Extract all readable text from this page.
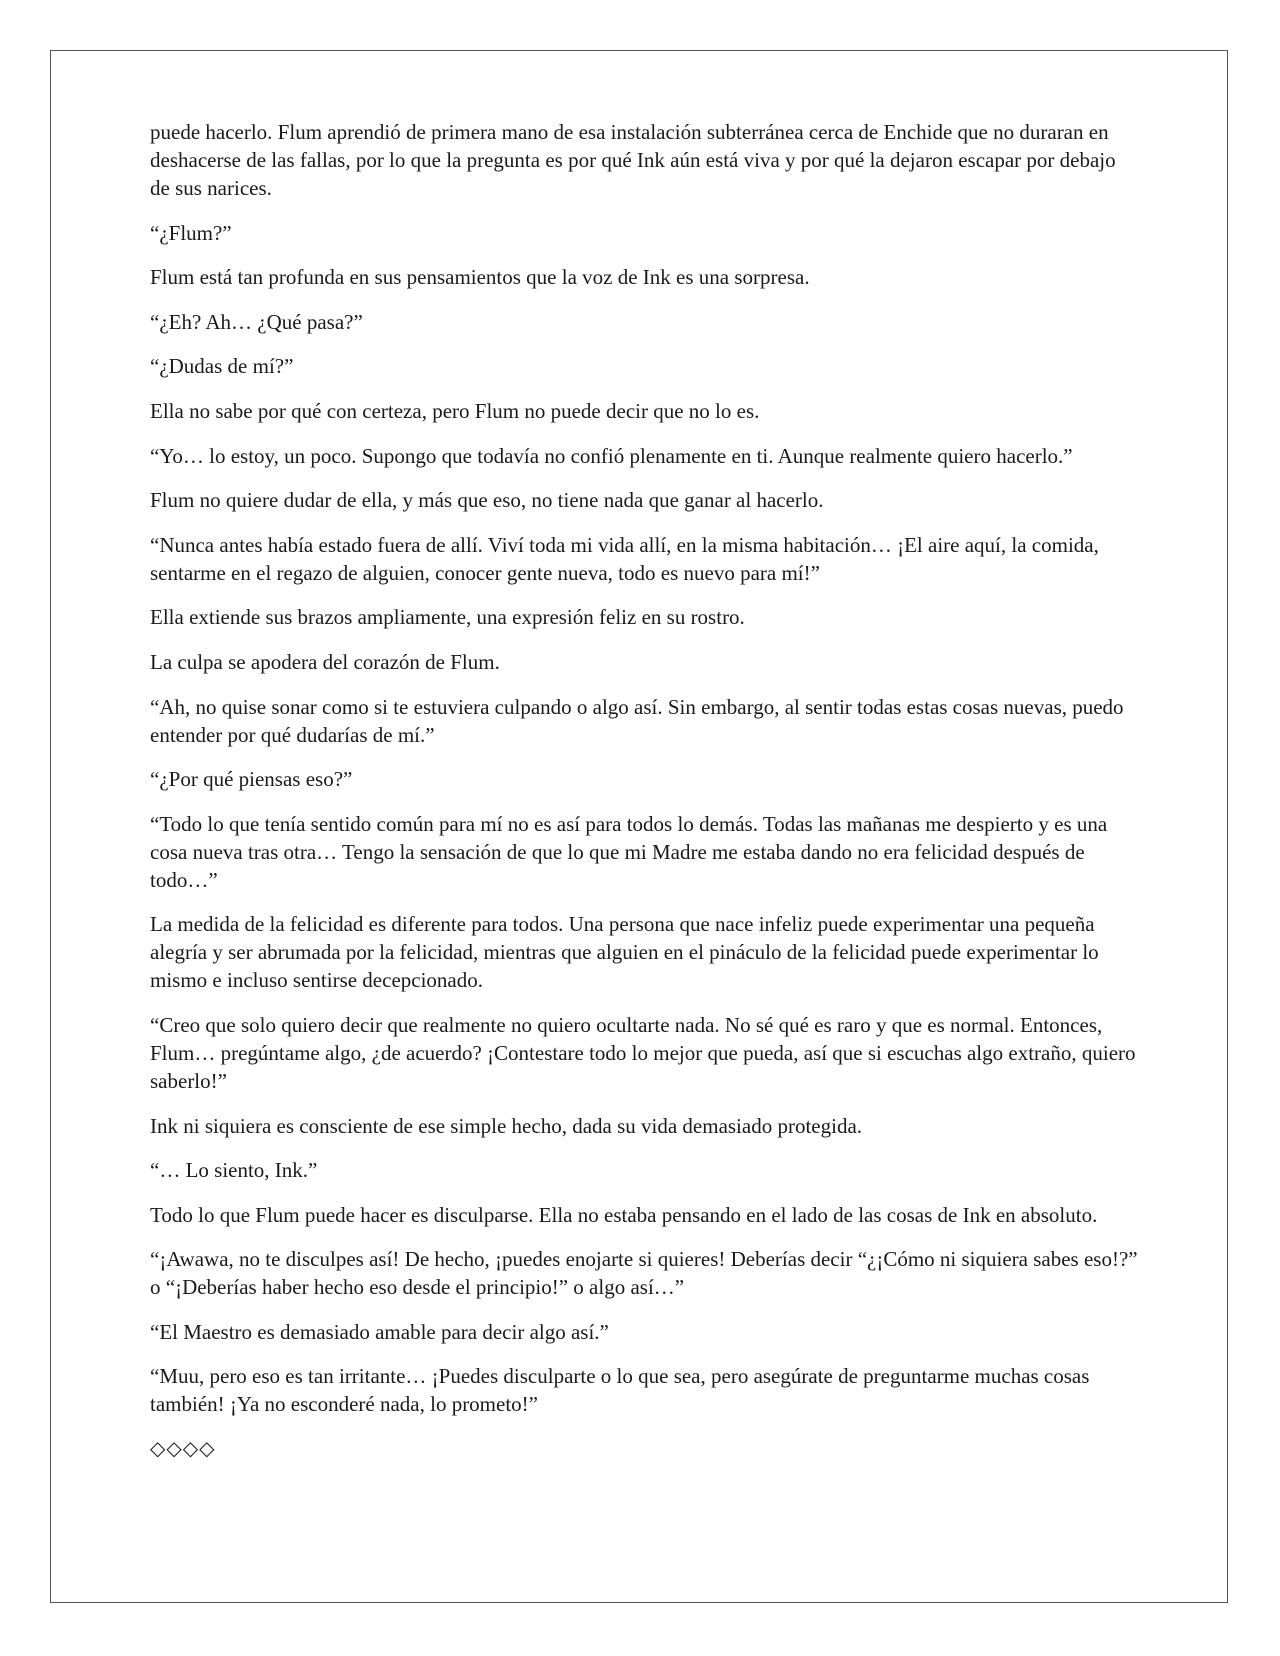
puede hacerlo. Flum aprendió de primera mano de esa instalación subterránea cerca de Enchide que no duraran en deshacerse de las fallas, por lo que la pregunta es por qué Ink aún está viva y por qué la dejaron escapar por debajo de sus narices.

“¿Flum?”

Flum está tan profunda en sus pensamientos que la voz de Ink es una sorpresa.

“¿Eh? Ah… ¿Qué pasa?”

“¿Dudas de mí?”

Ella no sabe por qué con certeza, pero Flum no puede decir que no lo es.

“Yo… lo estoy, un poco. Supongo que todavía no confió plenamente en ti. Aunque realmente quiero hacerlo.”

Flum no quiere dudar de ella, y más que eso, no tiene nada que ganar al hacerlo.

“Nunca antes había estado fuera de allí. Viví toda mi vida allí, en la misma habitación… ¡El aire aquí, la comida, sentarme en el regazo de alguien, conocer gente nueva, todo es nuevo para mí!”

Ella extiende sus brazos ampliamente, una expresión feliz en su rostro.

La culpa se apodera del corazón de Flum.

“Ah, no quise sonar como si te estuviera culpando o algo así. Sin embargo, al sentir todas estas cosas nuevas, puedo entender por qué dudarías de mí.”

“¿Por qué piensas eso?”

“Todo lo que tenía sentido común para mí no es así para todos lo demás. Todas las mañanas me despierto y es una cosa nueva tras otra… Tengo la sensación de que lo que mi Madre me estaba dando no era felicidad después de todo…”

La medida de la felicidad es diferente para todos. Una persona que nace infeliz puede experimentar una pequeña alegría y ser abrumada por la felicidad, mientras que alguien en el pináculo de la felicidad puede experimentar lo mismo e incluso sentirse decepcionado.

“Creo que solo quiero decir que realmente no quiero ocultarte nada. No sé qué es raro y que es normal. Entonces, Flum… pregúntame algo, ¿de acuerdo? ¡Contestare todo lo mejor que pueda, así que si escuchas algo extraño, quiero saberlo!”

Ink ni siquiera es consciente de ese simple hecho, dada su vida demasiado protegida.

“… Lo siento, Ink.”

Todo lo que Flum puede hacer es disculparse. Ella no estaba pensando en el lado de las cosas de Ink en absoluto.

“¡Awawa, no te disculpes así! De hecho, ¡puedes enojarte si quieres! Deberías decir “¿¡Cómo ni siquiera sabes eso!?” o “¡Deberías haber hecho eso desde el principio!” o algo así…”

“El Maestro es demasiado amable para decir algo así.”

“Muu, pero eso es tan irritante… ¡Puedes disculparte o lo que sea, pero asegúrate de preguntarme muchas cosas también! ¡Ya no esconderé nada, lo prometo!”

◇◇◇◇
